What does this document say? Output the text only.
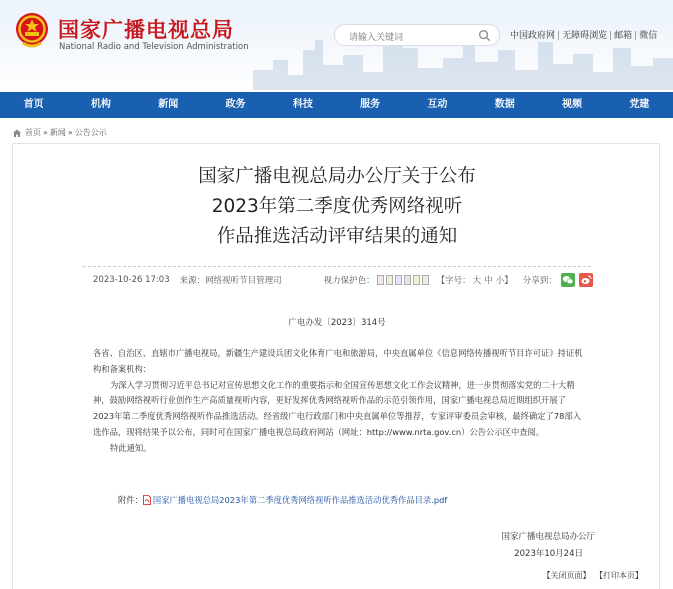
国家广播电视总局
National Radio and Television Administration
请输入关键词
中国政府网 | 无障碍浏览 | 邮箱 | 微信
首页	机构	新闻	政务	科技	服务	互动	数据	视频	党建
首页 » 新闻 » 公告公示
国家广播电视总局办公厅关于公布
2023年第二季度优秀网络视听
作品推选活动评审结果的通知
2023-10-26 17:03 来源： 网络视听节目管理司	视力保护色：	【字号： 大 中 小 】 分享到：
广电办发〔2023〕314号

各省、自治区、直辖市广播电视局，新疆生产建设兵团文化体育广电和旅游局，中央直属单位《信息网络传播视听节目许可证》持证机构和备案机构：

为深入学习贯彻习近平总书记对宣传思想文化工作的重要指示和全国宣传思想文化工作会议精神，进一步贯彻落实党的二十大精神，鼓励网络视听行业创作生产高质量视听内容，更好发挥优秀网络视听作品的示范引领作用，国家广播电视总局近期组织开展了2023年第二季度优秀网络视听作品推选活动。经省级广电行政部门和中央直属单位等推荐，专家评审委员会审核，最终确定了78部入选作品，现将结果予以公布，同时可在国家广播电视总局政府网站（网址：http://www.nrta.gov.cn）公告公示区中查阅。

特此通知。

附件： 国家广播电视总局2023年第二季度优秀网络视听作品推选活动优秀作品目录.pdf
国家广播电视总局办公厅
2023年10月24日
【关闭页面】 【打印本页】
